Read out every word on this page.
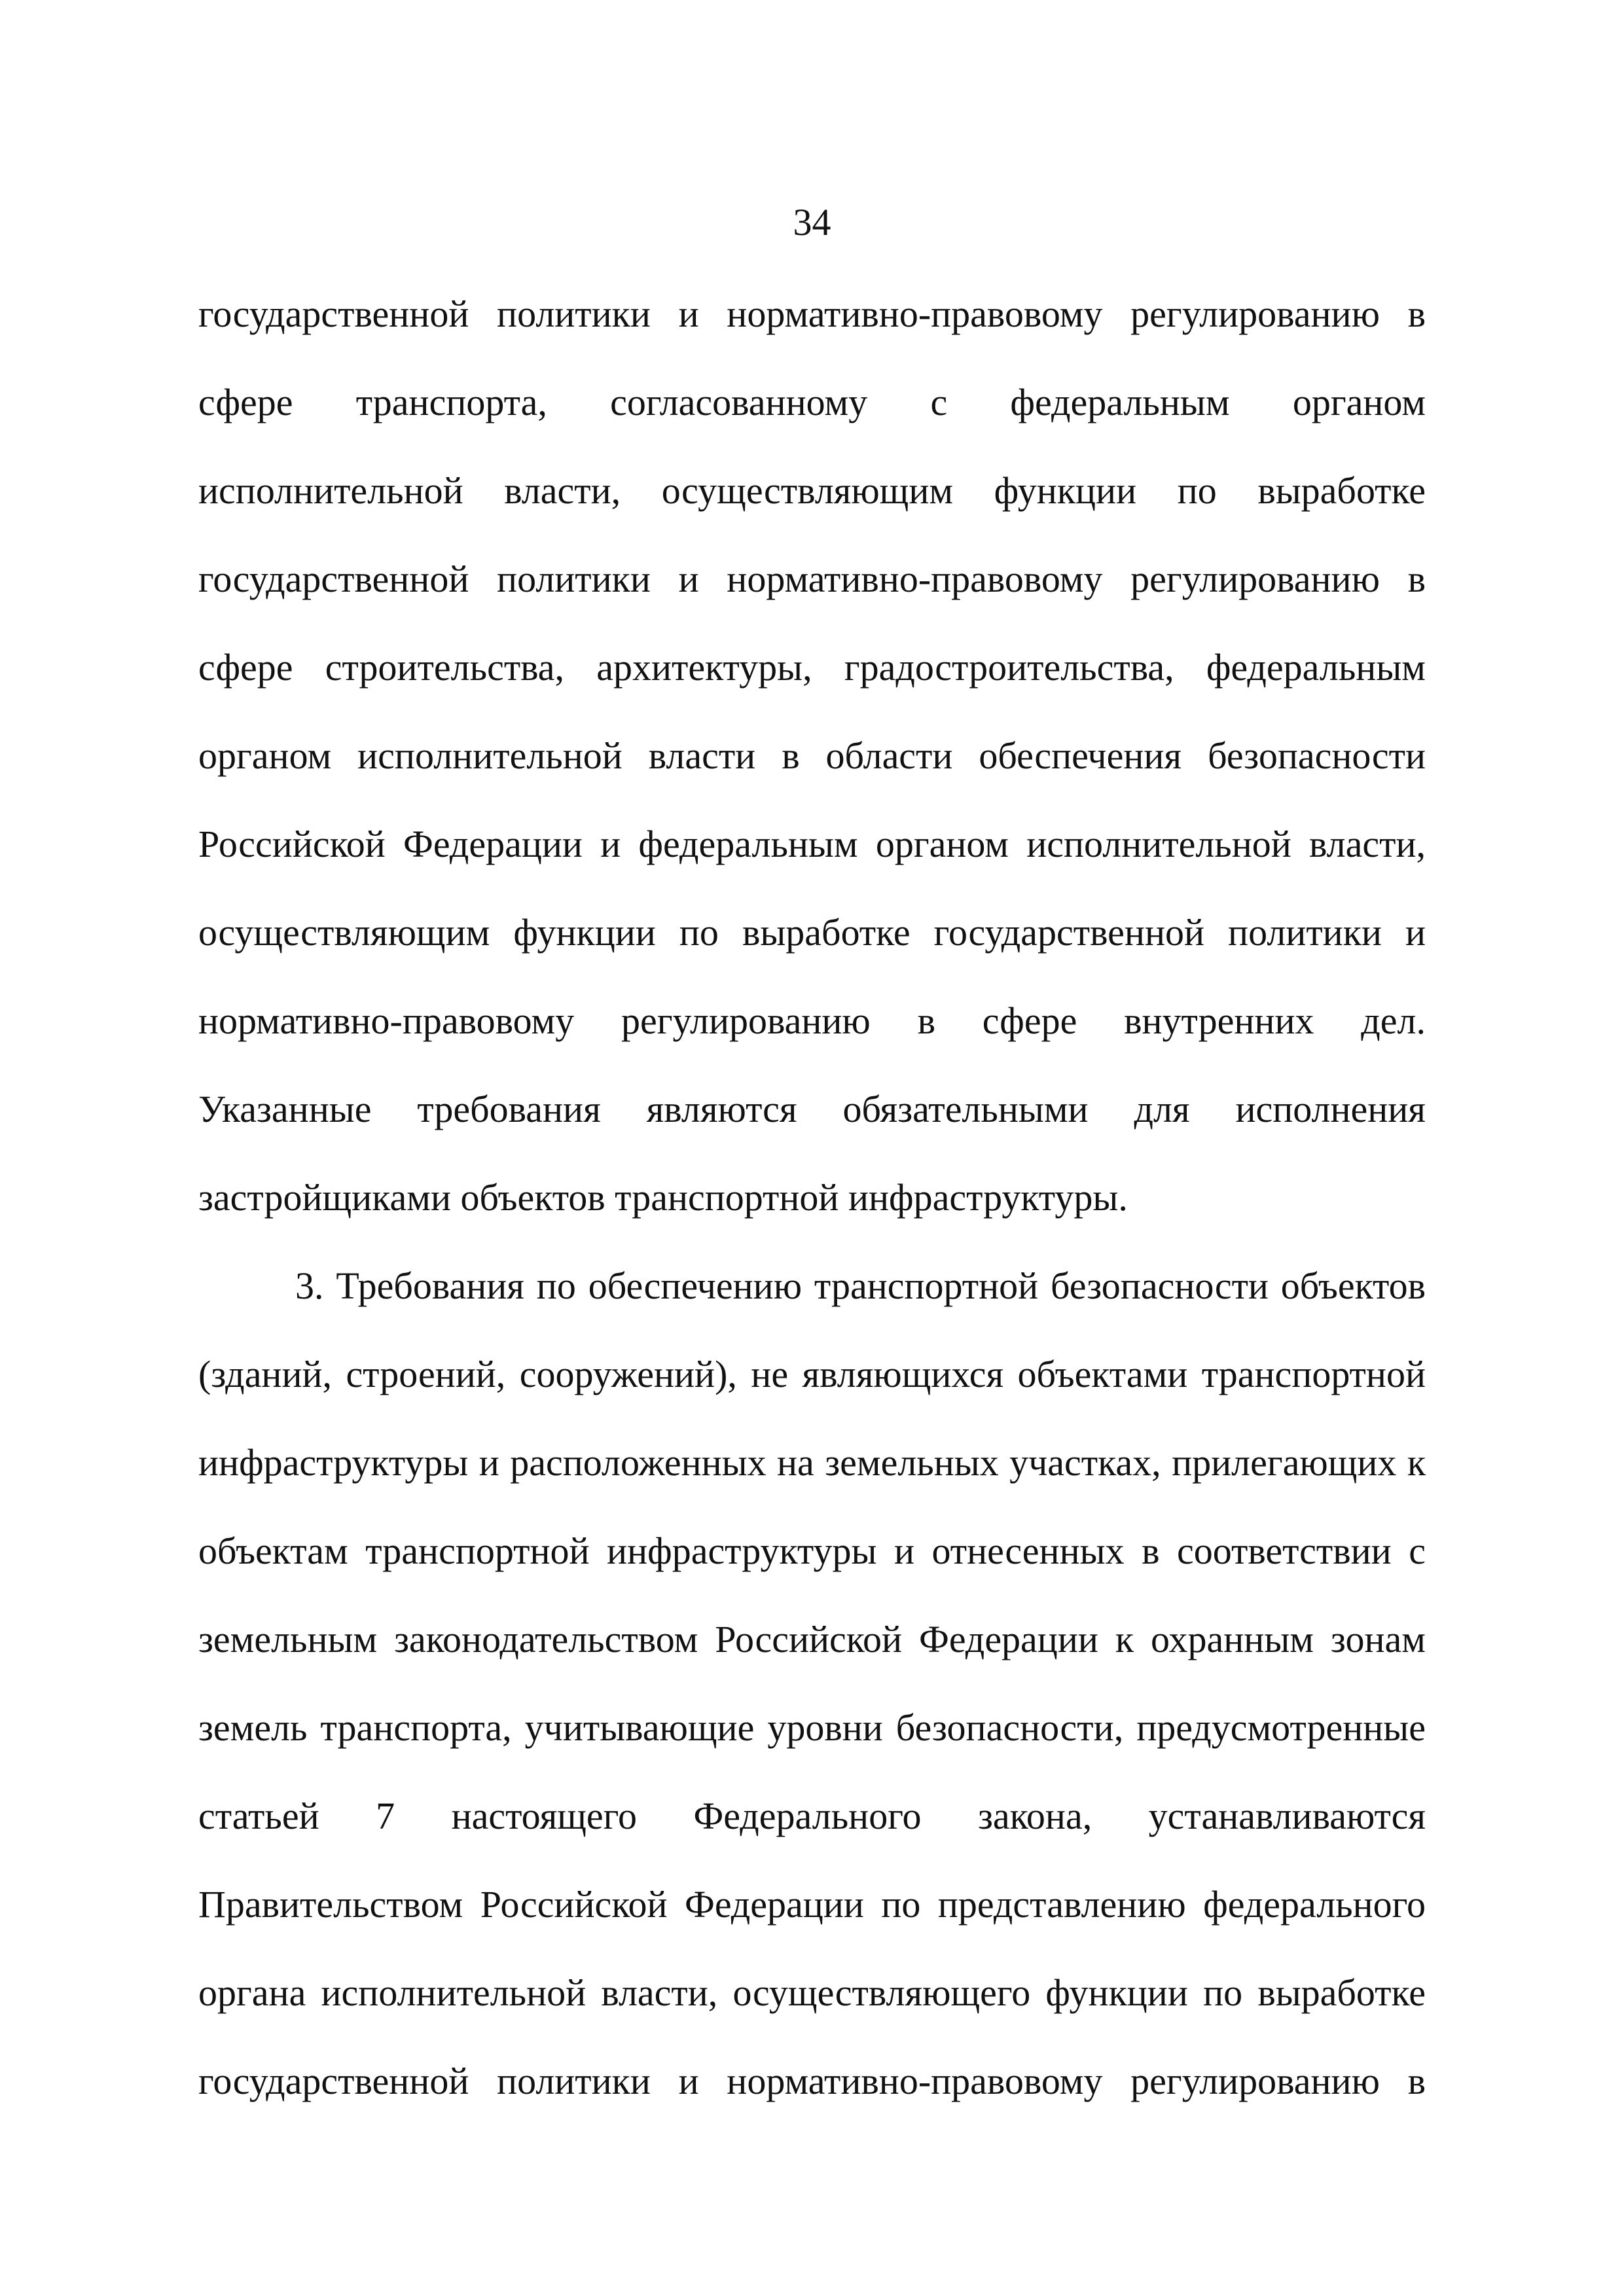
34
государственной политики и нормативно-правовому регулированию в
сфере транспорта, согласованному с федеральным органом
исполнительной власти, осуществляющим функции по выработке
государственной политики и нормативно-правовому регулированию в
сфере строительства, архитектуры, градостроительства, федеральным
органом исполнительной власти в области обеспечения безопасности
Российской Федерации и федеральным органом исполнительной власти,
осуществляющим функции по выработке государственной политики и
нормативно-правовому регулированию в сфере внутренних дел.
Указанные требования являются обязательными для исполнения
застройщиками объектов транспортной инфраструктуры.
3. Требования по обеспечению транспортной безопасности объектов
(зданий, строений, сооружений), не являющихся объектами транспортной
инфраструктуры и расположенных на земельных участках, прилегающих к
объектам транспортной инфраструктуры и отнесенных в соответствии с
земельным законодательством Российской Федерации к охранным зонам
земель транспорта, учитывающие уровни безопасности, предусмотренные
статьей 7 настоящего Федерального закона, устанавливаются
Правительством Российской Федерации по представлению федерального
органа исполнительной власти, осуществляющего функции по выработке
государственной политики и нормативно-правовому регулированию в
